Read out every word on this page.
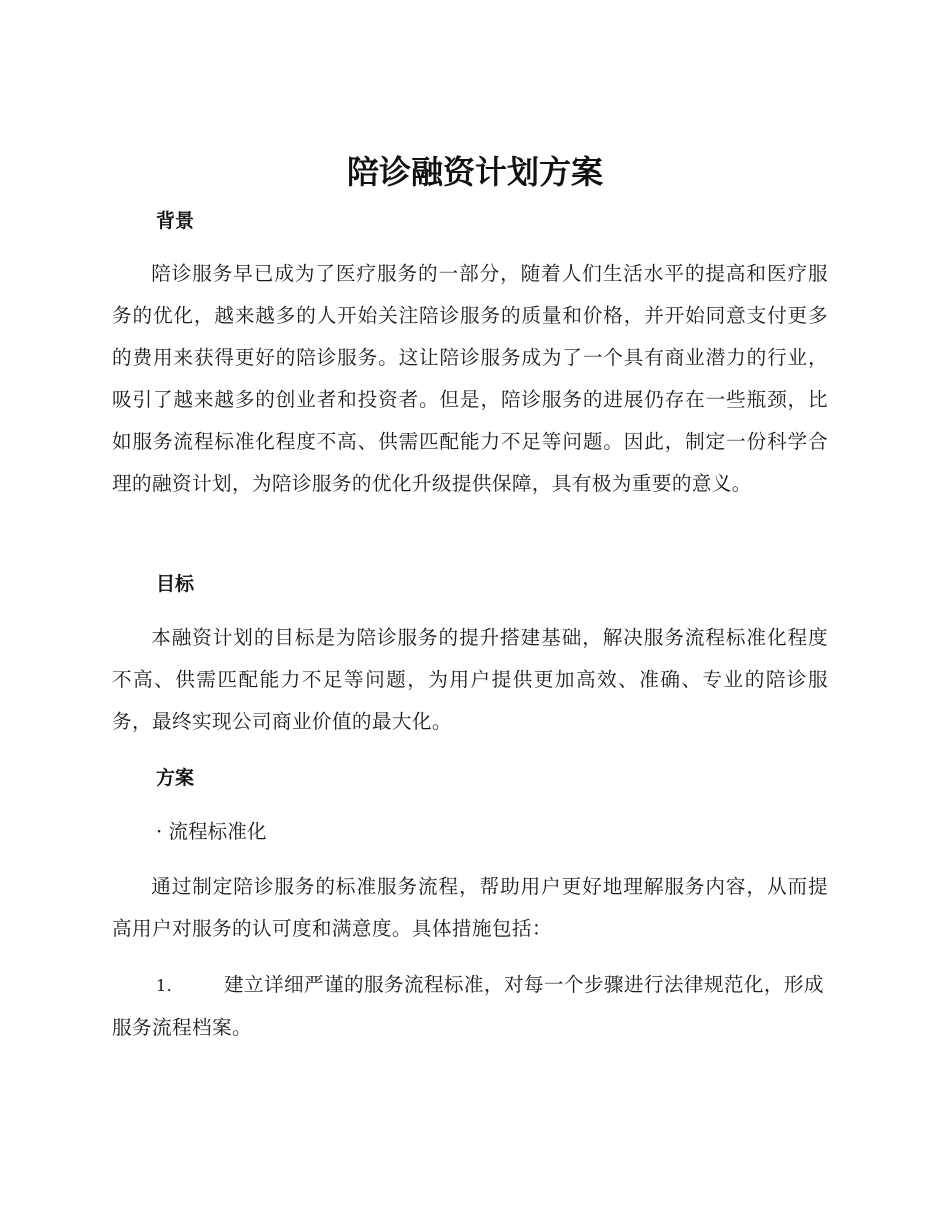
陪诊融资计划方案
背景

陪诊服务早已成为了医疗服务的一部分，随着人们生活水平的提高和医疗服务的优化，越来越多的人开始关注陪诊服务的质量和价格，并开始同意支付更多的费用来获得更好的陪诊服务。这让陪诊服务成为了一个具有商业潜力的行业，吸引了越来越多的创业者和投资者。但是，陪诊服务的进展仍存在一些瓶颈，比如服务流程标准化程度不高、供需匹配能力不足等问题。因此，制定一份科学合理的融资计划，为陪诊服务的优化升级提供保障，具有极为重要的意义。

目标

本融资计划的目标是为陪诊服务的提升搭建基础，解决服务流程标准化程度不高、供需匹配能力不足等问题，为用户提供更加高效、准确、专业的陪诊服务，最终实现公司商业价值的最大化。

方案

· 流程标准化

通过制定陪诊服务的标准服务流程，帮助用户更好地理解服务内容，从而提高用户对服务的认可度和满意度。具体措施包括：

1.	建立详细严谨的服务流程标准，对每一个步骤进行法律规范化，形成服务流程档案。
